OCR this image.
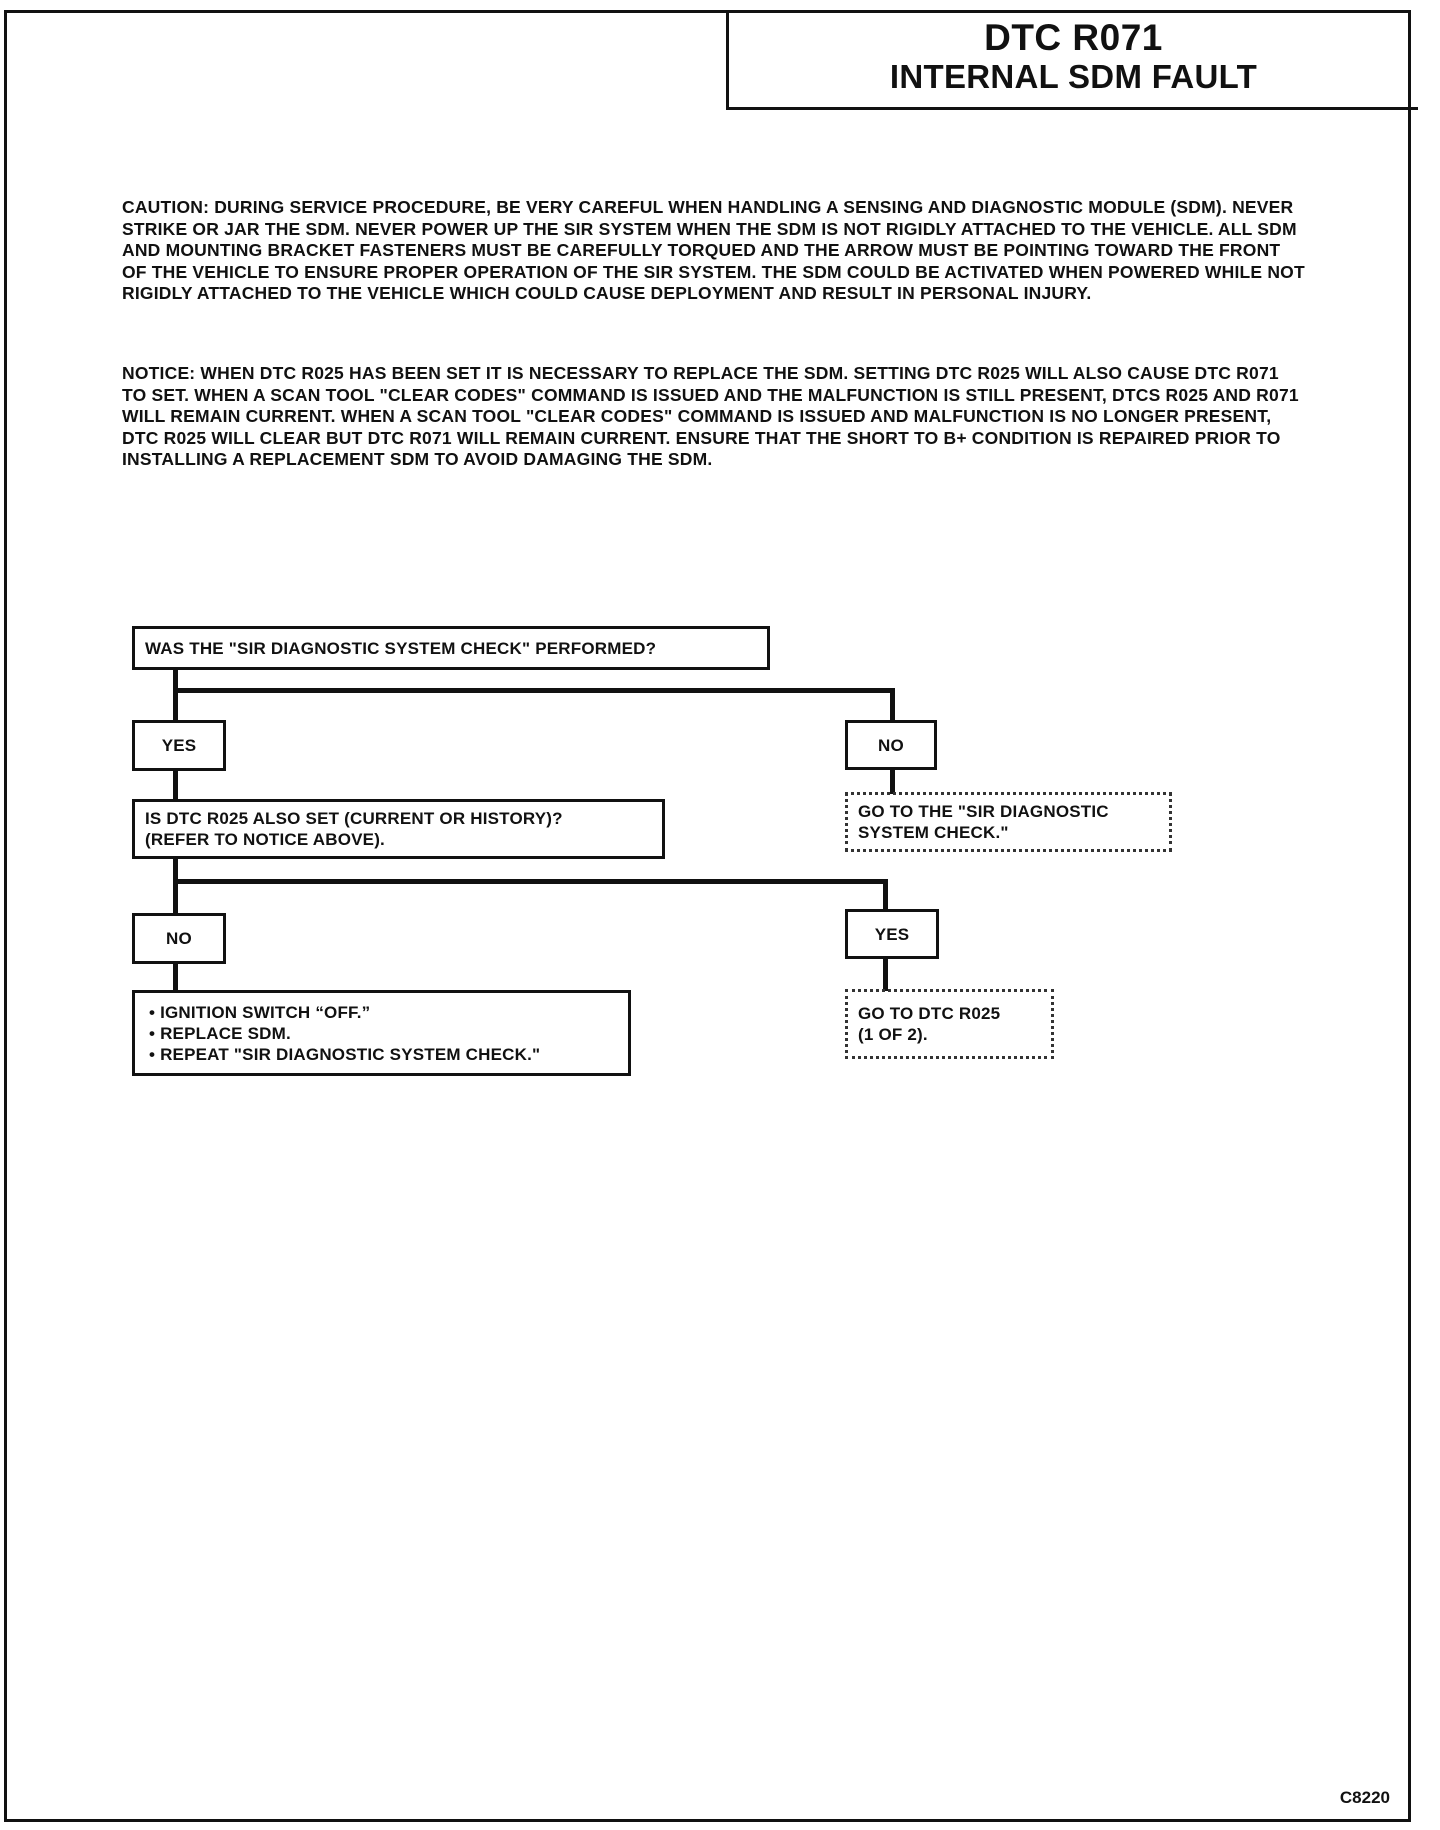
DTC R071
INTERNAL SDM FAULT
CAUTION: DURING SERVICE PROCEDURE, BE VERY CAREFUL WHEN HANDLING A SENSING AND DIAGNOSTIC MODULE (SDM). NEVER STRIKE OR JAR THE SDM. NEVER POWER UP THE SIR SYSTEM WHEN THE SDM IS NOT RIGIDLY ATTACHED TO THE VEHICLE. ALL SDM AND MOUNTING BRACKET FASTENERS MUST BE CAREFULLY TORQUED AND THE ARROW MUST BE POINTING TOWARD THE FRONT OF THE VEHICLE TO ENSURE PROPER OPERATION OF THE SIR SYSTEM. THE SDM COULD BE ACTIVATED WHEN POWERED WHILE NOT RIGIDLY ATTACHED TO THE VEHICLE WHICH COULD CAUSE DEPLOYMENT AND RESULT IN PERSONAL INJURY.
NOTICE: WHEN DTC R025 HAS BEEN SET IT IS NECESSARY TO REPLACE THE SDM. SETTING DTC R025 WILL ALSO CAUSE DTC R071 TO SET. WHEN A SCAN TOOL "CLEAR CODES" COMMAND IS ISSUED AND THE MALFUNCTION IS STILL PRESENT, DTCS R025 AND R071 WILL REMAIN CURRENT. WHEN A SCAN TOOL "CLEAR CODES" COMMAND IS ISSUED AND MALFUNCTION IS NO LONGER PRESENT, DTC R025 WILL CLEAR BUT DTC R071 WILL REMAIN CURRENT. ENSURE THAT THE SHORT TO B+ CONDITION IS REPAIRED PRIOR TO INSTALLING A REPLACEMENT SDM TO AVOID DAMAGING THE SDM.
WAS THE "SIR DIAGNOSTIC SYSTEM CHECK" PERFORMED?
YES	NO
IS DTC R025 ALSO SET (CURRENT OR HISTORY)?
(REFER TO NOTICE ABOVE).
GO TO THE "SIR DIAGNOSTIC
SYSTEM CHECK."
NO	YES
• IGNITION SWITCH “OFF.”
• REPLACE SDM.
• REPEAT "SIR DIAGNOSTIC SYSTEM CHECK."
GO TO DTC R025
(1 OF 2).
C8220
